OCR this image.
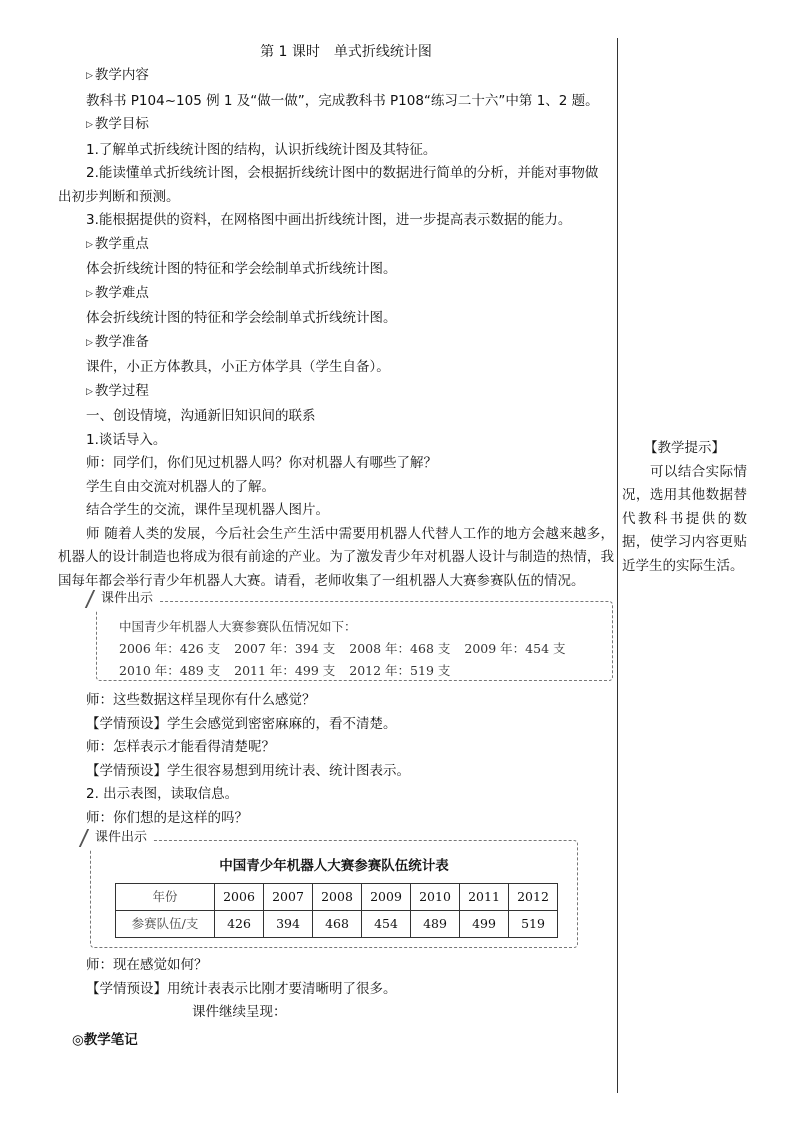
第 1 课时　单式折线统计图
▷ 教学内容
教科书 P104~105 例 1 及“做一做”，完成教科书 P108“练习二十六”中第 1、2 题。
▷ 教学目标
1.了解单式折线统计图的结构，认识折线统计图及其特征。
2.能读懂单式折线统计图，会根据折线统计图中的数据进行简单的分析，并能对事物做
出初步判断和预测。
3.能根据提供的资料，在网格图中画出折线统计图，进一步提高表示数据的能力。
▷ 教学重点
体会折线统计图的特征和学会绘制单式折线统计图。
▷ 教学难点
体会折线统计图的特征和学会绘制单式折线统计图。
▷ 教学准备
课件，小正方体教具，小正方体学具（学生自备）。
▷ 教学过程
一、创设情境，沟通新旧知识间的联系
1.谈话导入。
师：同学们，你们见过机器人吗？你对机器人有哪些了解？
学生自由交流对机器人的了解。
结合学生的交流，课件呈现机器人图片。
师 随着人类的发展，今后社会生产生活中需要用机器人代替人工作的地方会越来越多，机器人的设计制造也将成为很有前途的产业。为了激发青少年对机器人设计与制造的热情，我国每年都会举行青少年机器人大赛。请看，老师收集了一组机器人大赛参赛队伍的情况。
课件出示
中国青少年机器人大赛参赛队伍情况如下：
2006 年：426 支 2007 年：394 支 2008 年：468 支 2009 年：454 支
2010 年：489 支 2011 年：499 支 2012 年：519 支
师：这些数据这样呈现你有什么感觉？
【学情预设】学生会感觉到密密麻麻的，看不清楚。
师：怎样表示才能看得清楚呢？
【学情预设】学生很容易想到用统计表、统计图表示。
2. 出示表图，读取信息。
师：你们想的是这样的吗？
课件出示
中国青少年机器人大赛参赛队伍统计表
年份	2006	2007	2008	2009	2010	2011	2012
参赛队伍/支	426	394	468	454	489	499	519
师：现在感觉如何？
【学情预设】用统计表表示比刚才要清晰明了很多。
课件继续呈现：
◎教学笔记
【教学提示】
可以结合实际情况，选用其他数据替代教科书提供的数据，使学习内容更贴近学生的实际生活。
